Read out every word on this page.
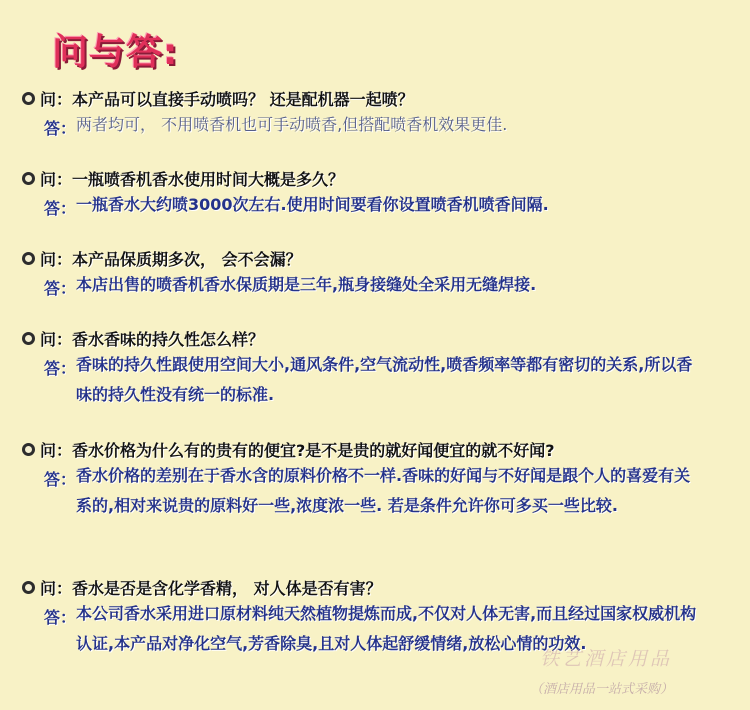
问与答:
问： 本产品可以直接手动喷吗？ 还是配机器一起喷？
答： 两者均可， 不用喷香机也可手动喷香,但搭配喷香机效果更佳.
问： 一瓶喷香机香水使用时间大概是多久？
答： 一瓶香水大约喷3000次左右.使用时间要看你设置喷香机喷香间隔.
问： 本产品保质期多次， 会不会漏？
答： 本店出售的喷香机香水保质期是三年,瓶身接缝处全采用无缝焊接.
问： 香水香味的持久性怎么样？
答： 香味的持久性跟使用空间大小,通风条件,空气流动性,喷香频率等都有密切的关系,所以香味的持久性没有统一的标准.
问： 香水价格为什么有的贵有的便宜?是不是贵的就好闻便宜的就不好闻?
答： 香水价格的差别在于香水含的原料价格不一样.香味的好闻与不好闻是跟个人的喜爱有关系的,相对来说贵的原料好一些,浓度浓一些. 若是条件允许你可多买一些比较.
问： 香水是否是含化学香精， 对人体是否有害？
答： 本公司香水采用进口原材料纯天然植物提炼而成,不仅对人体无害,而且经过国家权威机构认证,本产品对净化空气,芳香除臭,且对人体起舒缓情绪,放松心情的功效.
铁艺酒店用品
（酒店用品一站式采购）
